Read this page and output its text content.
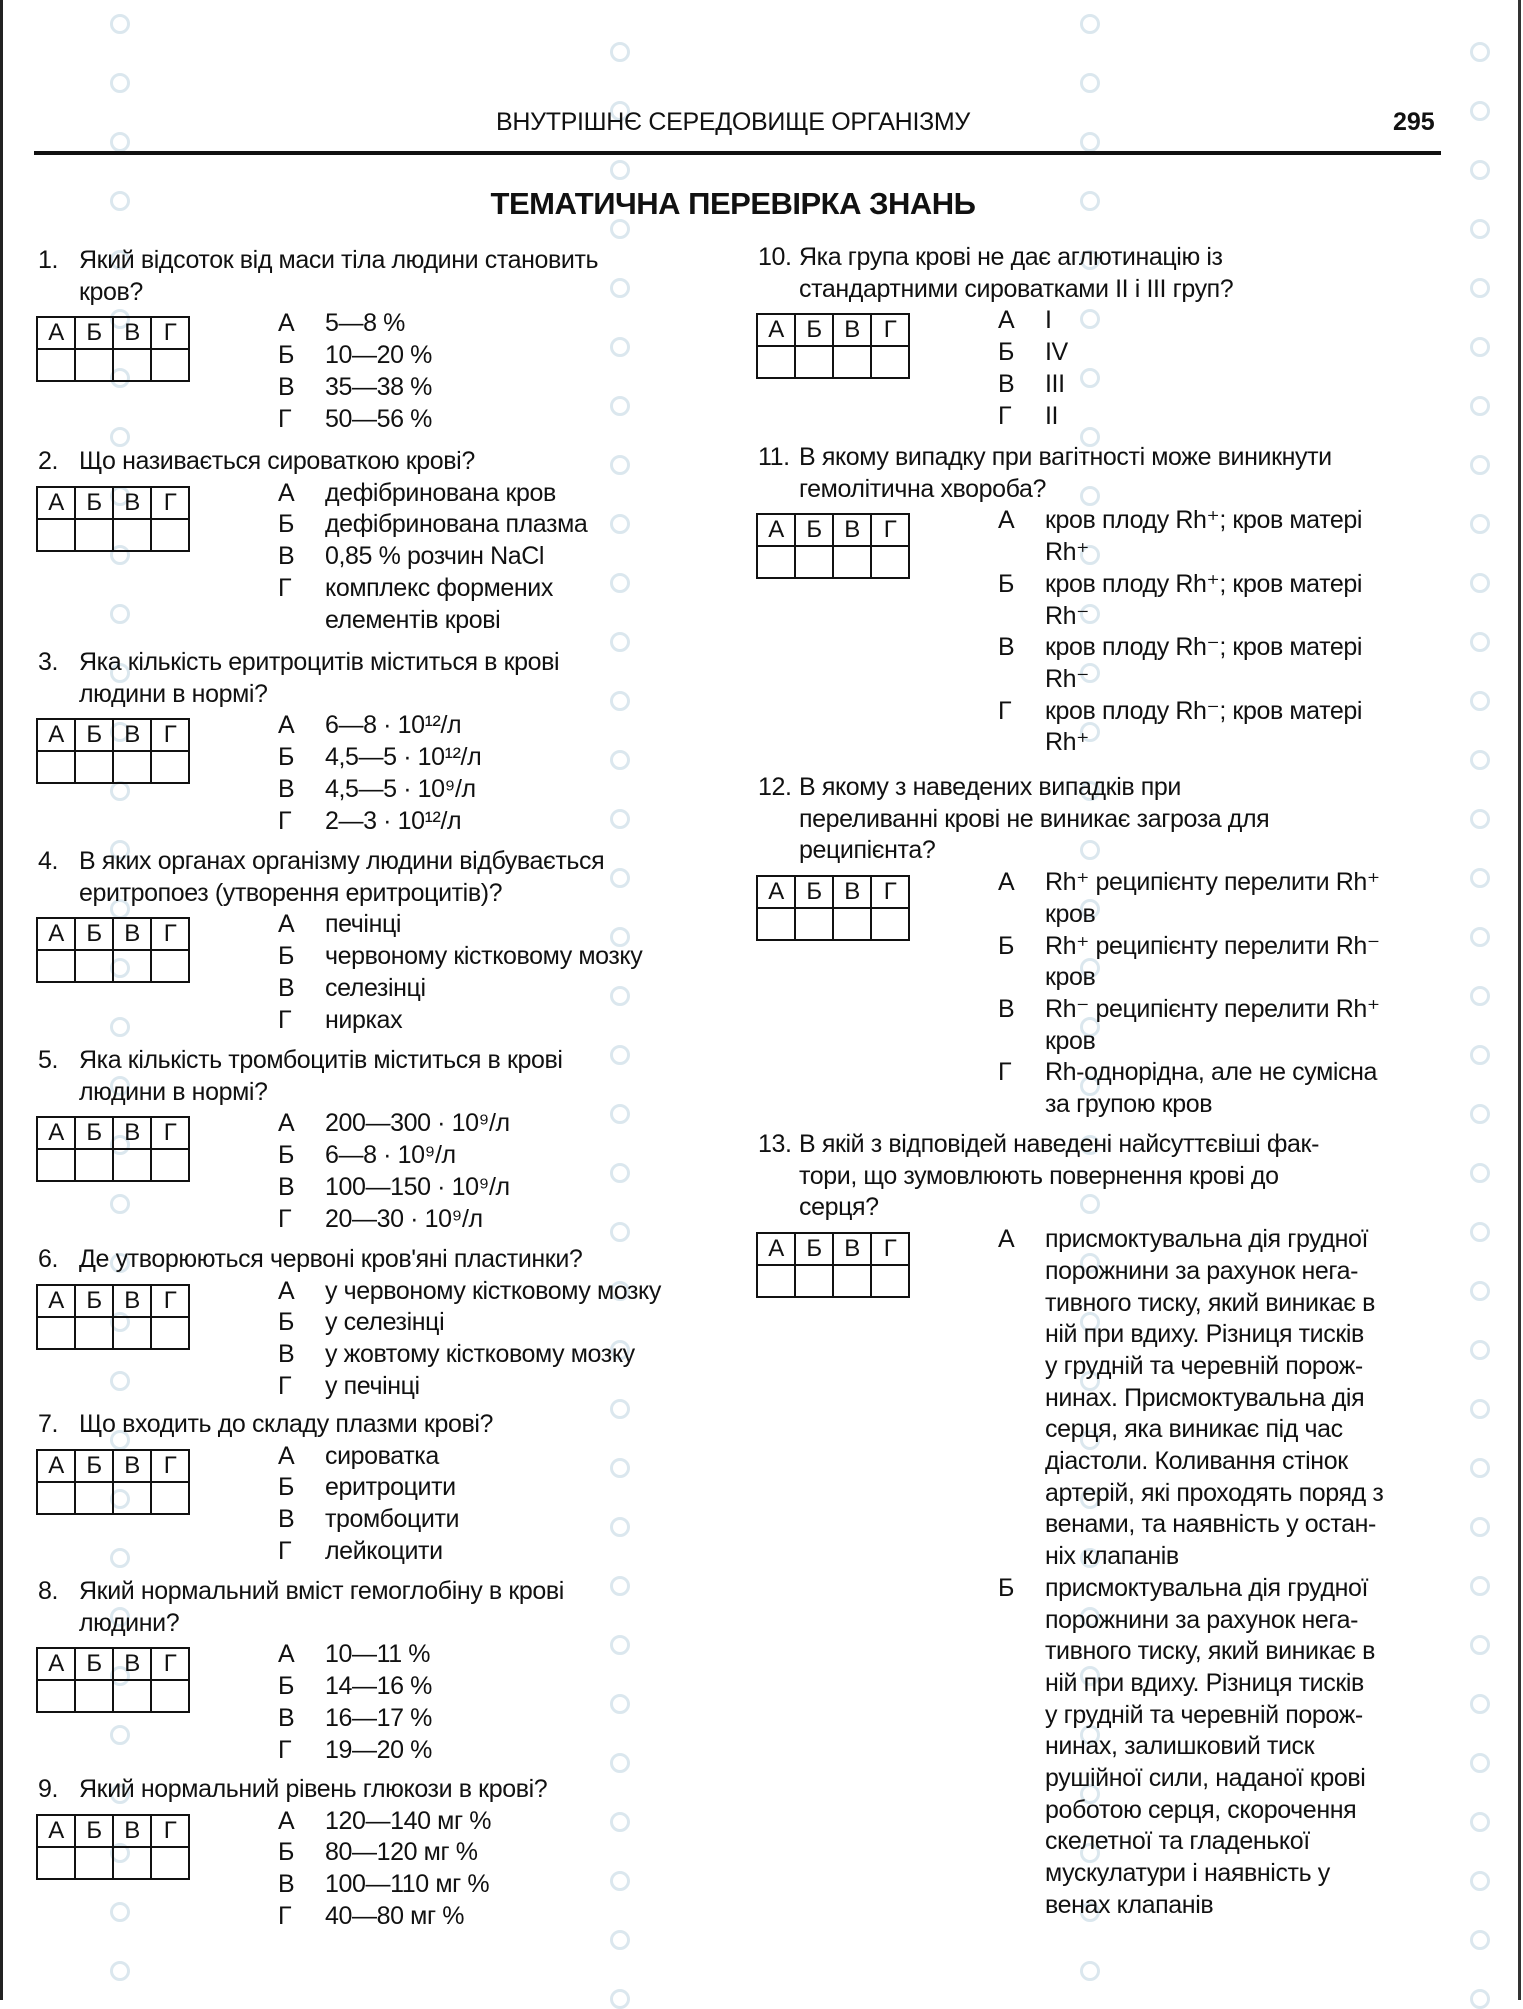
ВНУТРІШНЄ СЕРЕДОВИЩЕ ОРГАНІЗМУ	295
ТЕМАТИЧНА ПЕРЕВІРКА ЗНАНЬ
1. Який відсоток від маси тіла людини становить
кров?
А	Б	В	Г
				А 5—8 %
Б 10—20 %
В 35—38 %
Г 50—56 %
2. Що називається сироваткою крові?
А	Б	В	Г
				А дефібринована кров
Б дефібринована плазма
В 0,85 % розчин NaCl
Г комплекс формених
елементів крові
3. Яка кількість еритроцитів міститься в крові
людини в нормі?
А	Б	В	Г
				А 6—8 · 10¹²/л
Б 4,5—5 · 10¹²/л
В 4,5—5 · 10⁹/л
Г 2—3 · 10¹²/л
4. В яких органах організму людини відбувається
еритропоез (утворення еритроцитів)?
А	Б	В	Г
				А печінці
Б червоному кістковому мозку
В селезінці
Г нирках
5. Яка кількість тромбоцитів міститься в крові
людини в нормі?
А	Б	В	Г
				А 200—300 · 10⁹/л
Б 6—8 · 10⁹/л
В 100—150 · 10⁹/л
Г 20—30 · 10⁹/л
6. Де утворюються червоні кров'яні пластинки?
А	Б	В	Г
				А у червоному кістковому мозку
Б у селезінці
В у жовтому кістковому мозку
Г у печінці
7. Що входить до складу плазми крові?
А	Б	В	Г
				А сироватка
Б еритроцити
В тромбоцити
Г лейкоцити
8. Який нормальний вміст гемоглобіну в крові
людини?
А	Б	В	Г
				А 10—11 %
Б 14—16 %
В 16—17 %
Г 19—20 %
9. Який нормальний рівень глюкози в крові?
А	Б	В	Г
				А 120—140 мг %
Б 80—120 мг %
В 100—110 мг %
Г 40—80 мг %
10. Яка група крові не дає аглютинацію із
стандартними сироватками II і III груп?
А	Б	В	Г
				А I
Б IV
В III
Г II
11. В якому випадку при вагітності може виникнути
гемолітична хвороба?
А	Б	В	Г
				А кров плоду Rh⁺; кров матері
Rh⁺
Б кров плоду Rh⁺; кров матері
Rh⁻
В кров плоду Rh⁻; кров матері
Rh⁻
Г кров плоду Rh⁻; кров матері
Rh⁺
12. В якому з наведених випадків при
переливанні крові не виникає загроза для
реципієнта?
А	Б	В	Г
				А Rh⁺ реципієнту перелити Rh⁺
кров
Б Rh⁺ реципієнту перелити Rh⁻
кров
В Rh⁻ реципієнту перелити Rh⁺
кров
Г Rh-однорідна, але не сумісна
за групою кров
13. В якій з відповідей наведені найсуттєвіші фак-
тори, що зумовлюють повернення крові до
серця?
А	Б	В	Г
				А присмоктувальна дія грудної
порожнини за рахунок нега-
тивного тиску, який виникає в
ній при вдиху. Різниця тисків
у грудній та черевній порож-
нинах. Присмоктувальна дія
серця, яка виникає під час
діастоли. Коливання стінок
артерій, які проходять поряд з
венами, та наявність у остан-
ніх клапанів
Б присмоктувальна дія грудної
порожнини за рахунок нега-
тивного тиску, який виникає в
ній при вдиху. Різниця тисків
у грудній та черевній порож-
нинах, залишковий тиск
рушійної сили, наданої крові
роботою серця, скорочення
скелетної та гладенької
мускулатури і наявність у
венах клапанів
